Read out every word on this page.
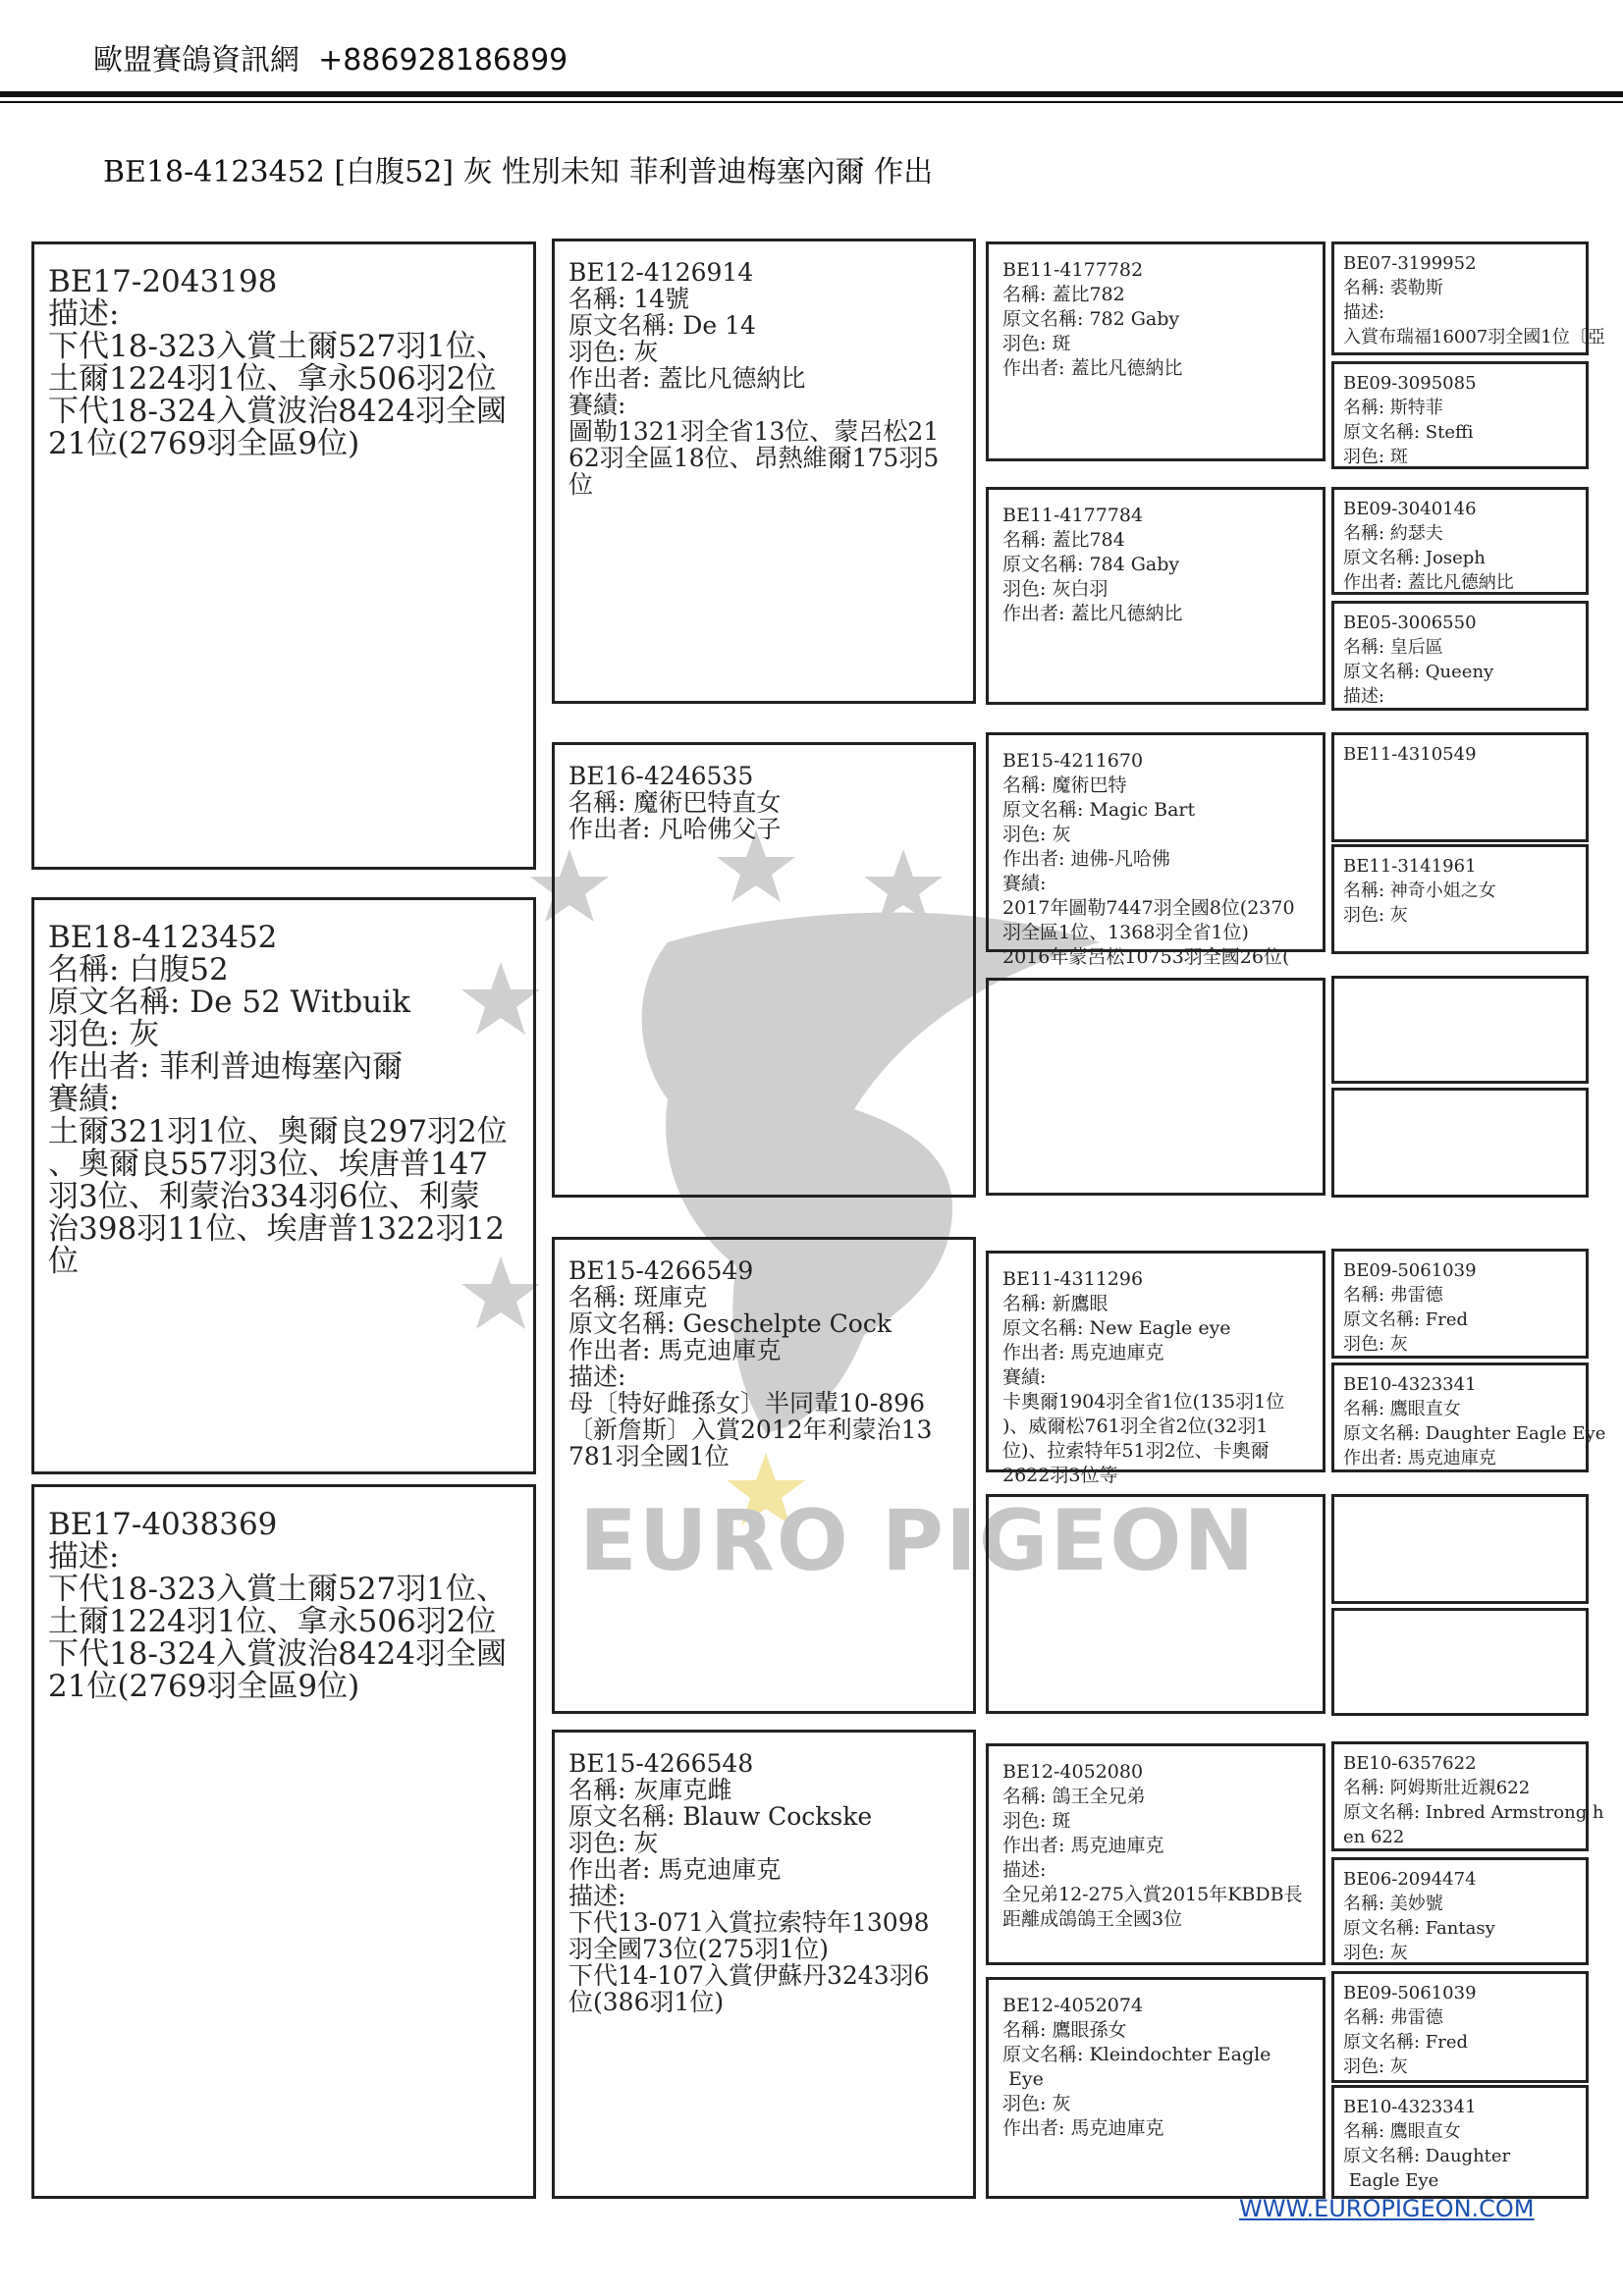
歐盟賽鴿資訊網 +886928186899
BE18-4123452 [白腹52] 灰 性別未知 菲利普迪梅塞內爾 作出
EURO PIGEON
BE17-2043198
描述:
下代18-323入賞土爾527羽1位、
土爾1224羽1位、拿永506羽2位
下代18-324入賞波治8424羽全國
21位(2769羽全區9位)
BE18-4123452
名稱: 白腹52
原文名稱: De 52 Witbuik
羽色: 灰
作出者: 菲利普迪梅塞內爾
賽績:
土爾321羽1位、奧爾良297羽2位
、奧爾良557羽3位、埃唐普147
羽3位、利蒙治334羽6位、利蒙
治398羽11位、埃唐普1322羽12
位
BE17-4038369
描述:
下代18-323入賞土爾527羽1位、
土爾1224羽1位、拿永506羽2位
下代18-324入賞波治8424羽全國
21位(2769羽全區9位)
BE12-4126914
名稱: 14號
原文名稱: De 14
羽色: 灰
作出者: 蓋比凡德納比
賽績:
圖勒1321羽全省13位、蒙呂松21
62羽全區18位、昂熱維爾175羽5
位
BE16-4246535
名稱: 魔術巴特直女
作出者: 凡哈佛父子
BE15-4266549
名稱: 斑庫克
原文名稱: Geschelpte Cock
作出者: 馬克迪庫克
描述:
母〔特好雌孫女〕半同輩10-896
〔新詹斯〕入賞2012年利蒙治13
781羽全國1位
BE15-4266548
名稱: 灰庫克雌
原文名稱: Blauw Cockske
羽色: 灰
作出者: 馬克迪庫克
描述:
下代13-071入賞拉索特年13098
羽全國73位(275羽1位)
下代14-107入賞伊蘇丹3243羽6
位(386羽1位)
BE11-4177782
名稱: 蓋比782
原文名稱: 782 Gaby
羽色: 斑
作出者: 蓋比凡德納比
BE11-4177784
名稱: 蓋比784
原文名稱: 784 Gaby
羽色: 灰白羽
作出者: 蓋比凡德納比
BE15-4211670
名稱: 魔術巴特
原文名稱: Magic Bart
羽色: 灰
作出者: 迪佛-凡哈佛
賽績:
2017年圖勒7447羽全國8位(2370
羽全區1位、1368羽全省1位)
2016年蒙呂松10753羽全國26位(
BE11-4311296
名稱: 新鷹眼
原文名稱: New Eagle eye
作出者: 馬克迪庫克
賽績:
卡奧爾1904羽全省1位(135羽1位
)、威爾松761羽全省2位(32羽1
位)、拉索特年51羽2位、卡奧爾
2622羽3位等
BE12-4052080
名稱: 鴿王全兄弟
羽色: 斑
作出者: 馬克迪庫克
描述:
全兄弟12-275入賞2015年KBDB長
距離成鴿鴿王全國3位
BE12-4052074
名稱: 鷹眼孫女
原文名稱: Kleindochter Eagle
Eye
羽色: 灰
作出者: 馬克迪庫克
BE07-3199952
名稱: 裘勒斯
描述:
入賞布瑞福16007羽全國1位〔亞
BE09-3095085
名稱: 斯特菲
原文名稱: Steffi
羽色: 斑
BE09-3040146
名稱: 約瑟夫
原文名稱: Joseph
作出者: 蓋比凡德納比
BE05-3006550
名稱: 皇后區
原文名稱: Queeny
描述:
BE11-4310549
BE11-3141961
名稱: 神奇小姐之女
羽色: 灰
BE09-5061039
名稱: 弗雷德
原文名稱: Fred
羽色: 灰
BE10-4323341
名稱: 鷹眼直女
原文名稱: Daughter Eagle Eye
作出者: 馬克迪庫克
BE10-6357622
名稱: 阿姆斯壯近親622
原文名稱: Inbred Armstrong h
en 622
BE06-2094474
名稱: 美妙號
原文名稱: Fantasy
羽色: 灰
BE09-5061039
名稱: 弗雷德
原文名稱: Fred
羽色: 灰
BE10-4323341
名稱: 鷹眼直女
原文名稱: Daughter
Eagle Eye
WWW.EUROPIGEON.COM
